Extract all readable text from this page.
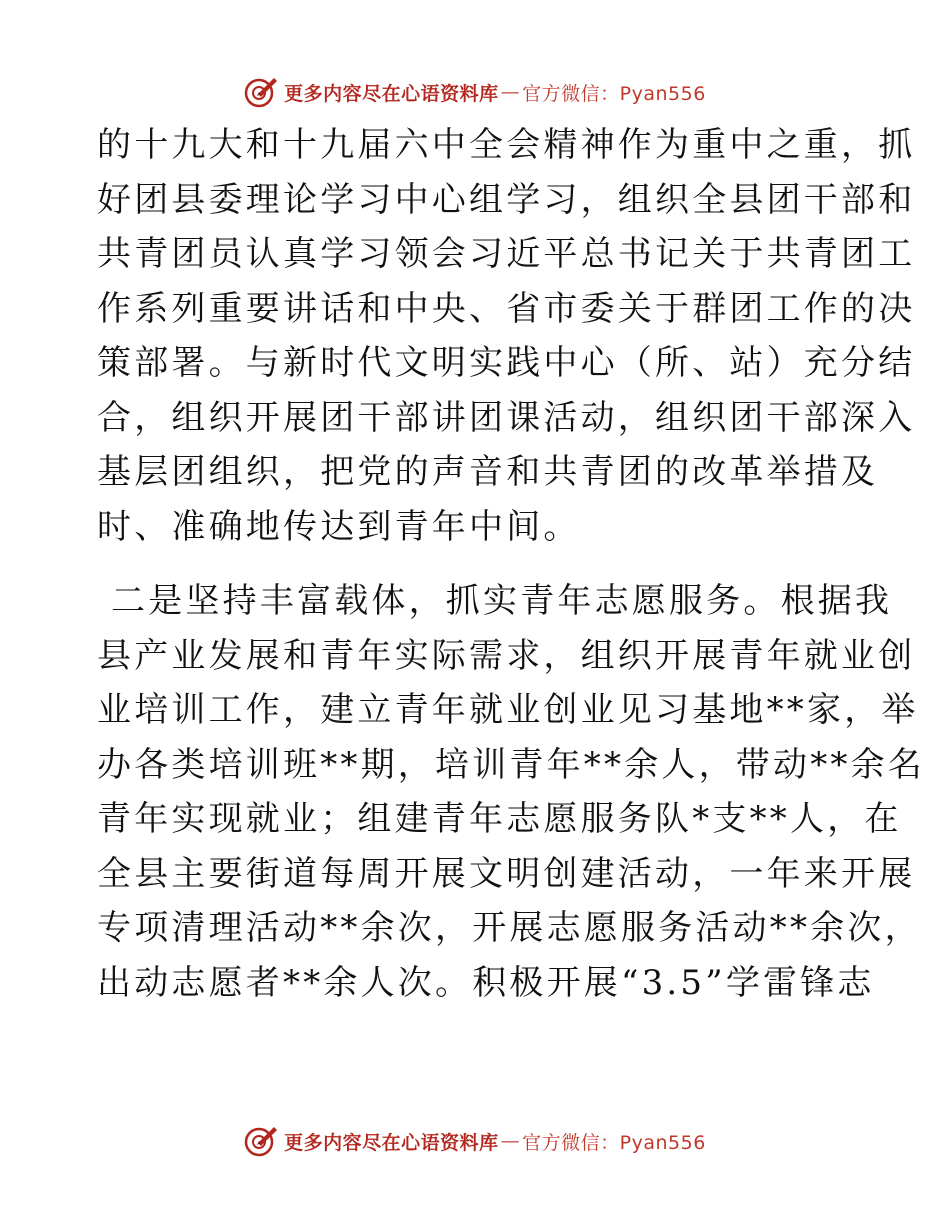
更多内容尽在心语资料库 — 官方微信：Pyan556
的十九大和十九届六中全会精神作为重中之重，抓
好团县委理论学习中心组学习，组织全县团干部和
共青团员认真学习领会习近平总书记关于共青团工
作系列重要讲话和中央、省市委关于群团工作的决
策部署。与新时代文明实践中心（所、站）充分结
合，组织开展团干部讲团课活动，组织团干部深入
基层团组织，把党的声音和共青团的改革举措及
时、准确地传达到青年中间。
二是坚持丰富载体，抓实青年志愿服务。根据我
县产业发展和青年实际需求，组织开展青年就业创
业培训工作，建立青年就业创业见习基地**家，举
办各类培训班**期，培训青年**余人，带动**余名
青年实现就业；组建青年志愿服务队*支**人，在
全县主要街道每周开展文明创建活动，一年来开展
专项清理活动**余次，开展志愿服务活动**余次，
出动志愿者**余人次。积极开展“3.5”学雷锋志
更多内容尽在心语资料库 — 官方微信：Pyan556
